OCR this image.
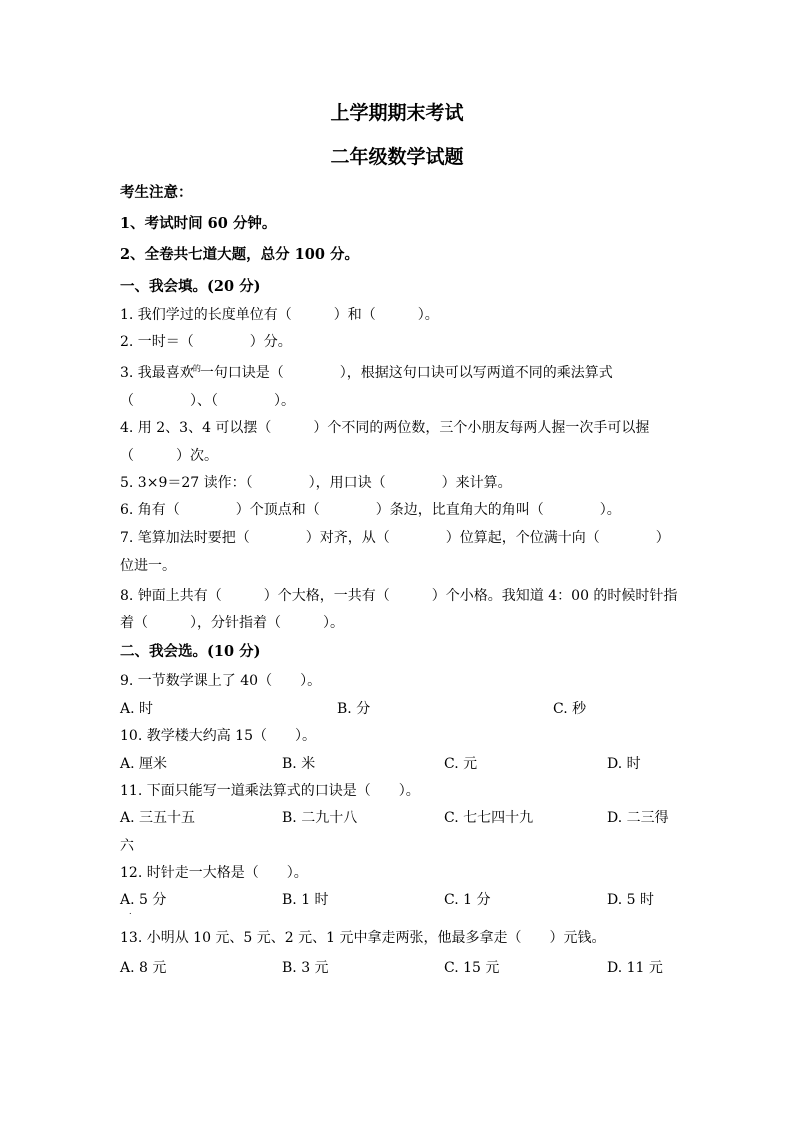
上学期期末考试
二年级数学试题
考生注意：
1、考试时间 60 分钟。
2、全卷共七道大题，总分 100 分。
一、我会填。(20 分)
1. 我们学过的长度单位有（　　　）和（　　　）。
2. 一时＝（　　　　）分。
3. 我最喜欢$^的$一句口诀是（　　　　），根据这句口诀可以写两道不同的乘法算式
（　　　　）、（　　　　）。
4. 用 2、3、4 可以摆（　　　）个不同的两位数，三个小朋友每两人握一次手可以握
（　　　）次。
5. 3×9＝27 读作：（　　　　），用口诀（　　　　）来计算。
6. 角有（　　　　）个顶点和（　　　　）条边，比直角大的角叫（　　　　）。
7. 笔算加法时要把（　　　　）对齐，从（　　　　）位算起，个位满十向（　　　　）
位进一。
8. 钟面上共有（　　　）个大格，一共有（　　　）个小格。我知道 4：00 的时候时针指
着（　　　），分针指着（　　　）。
二、我会选。(10 分)
9. 一节数学课上了 40（　　）。
A. 时	B. 分	C. 秒
10. 教学楼大约高 15（　　）。
A. 厘米	B. 米	C. 元	D. 时
11. 下面只能写一道乘法算式的口诀是（　　）。
A. 三五十五	B. 二九十八	C. 七七四十九	D. 二三得
六
12. 时针走一大格是（　　）。
A. 5 分	B. 1 时	C. 1 分	D. 5 时
.
13. 小明从 10 元、5 元、2 元、1 元中拿走两张，他最多拿走（　　）元钱。
A. 8 元	B. 3 元	C. 15 元	D. 11 元
